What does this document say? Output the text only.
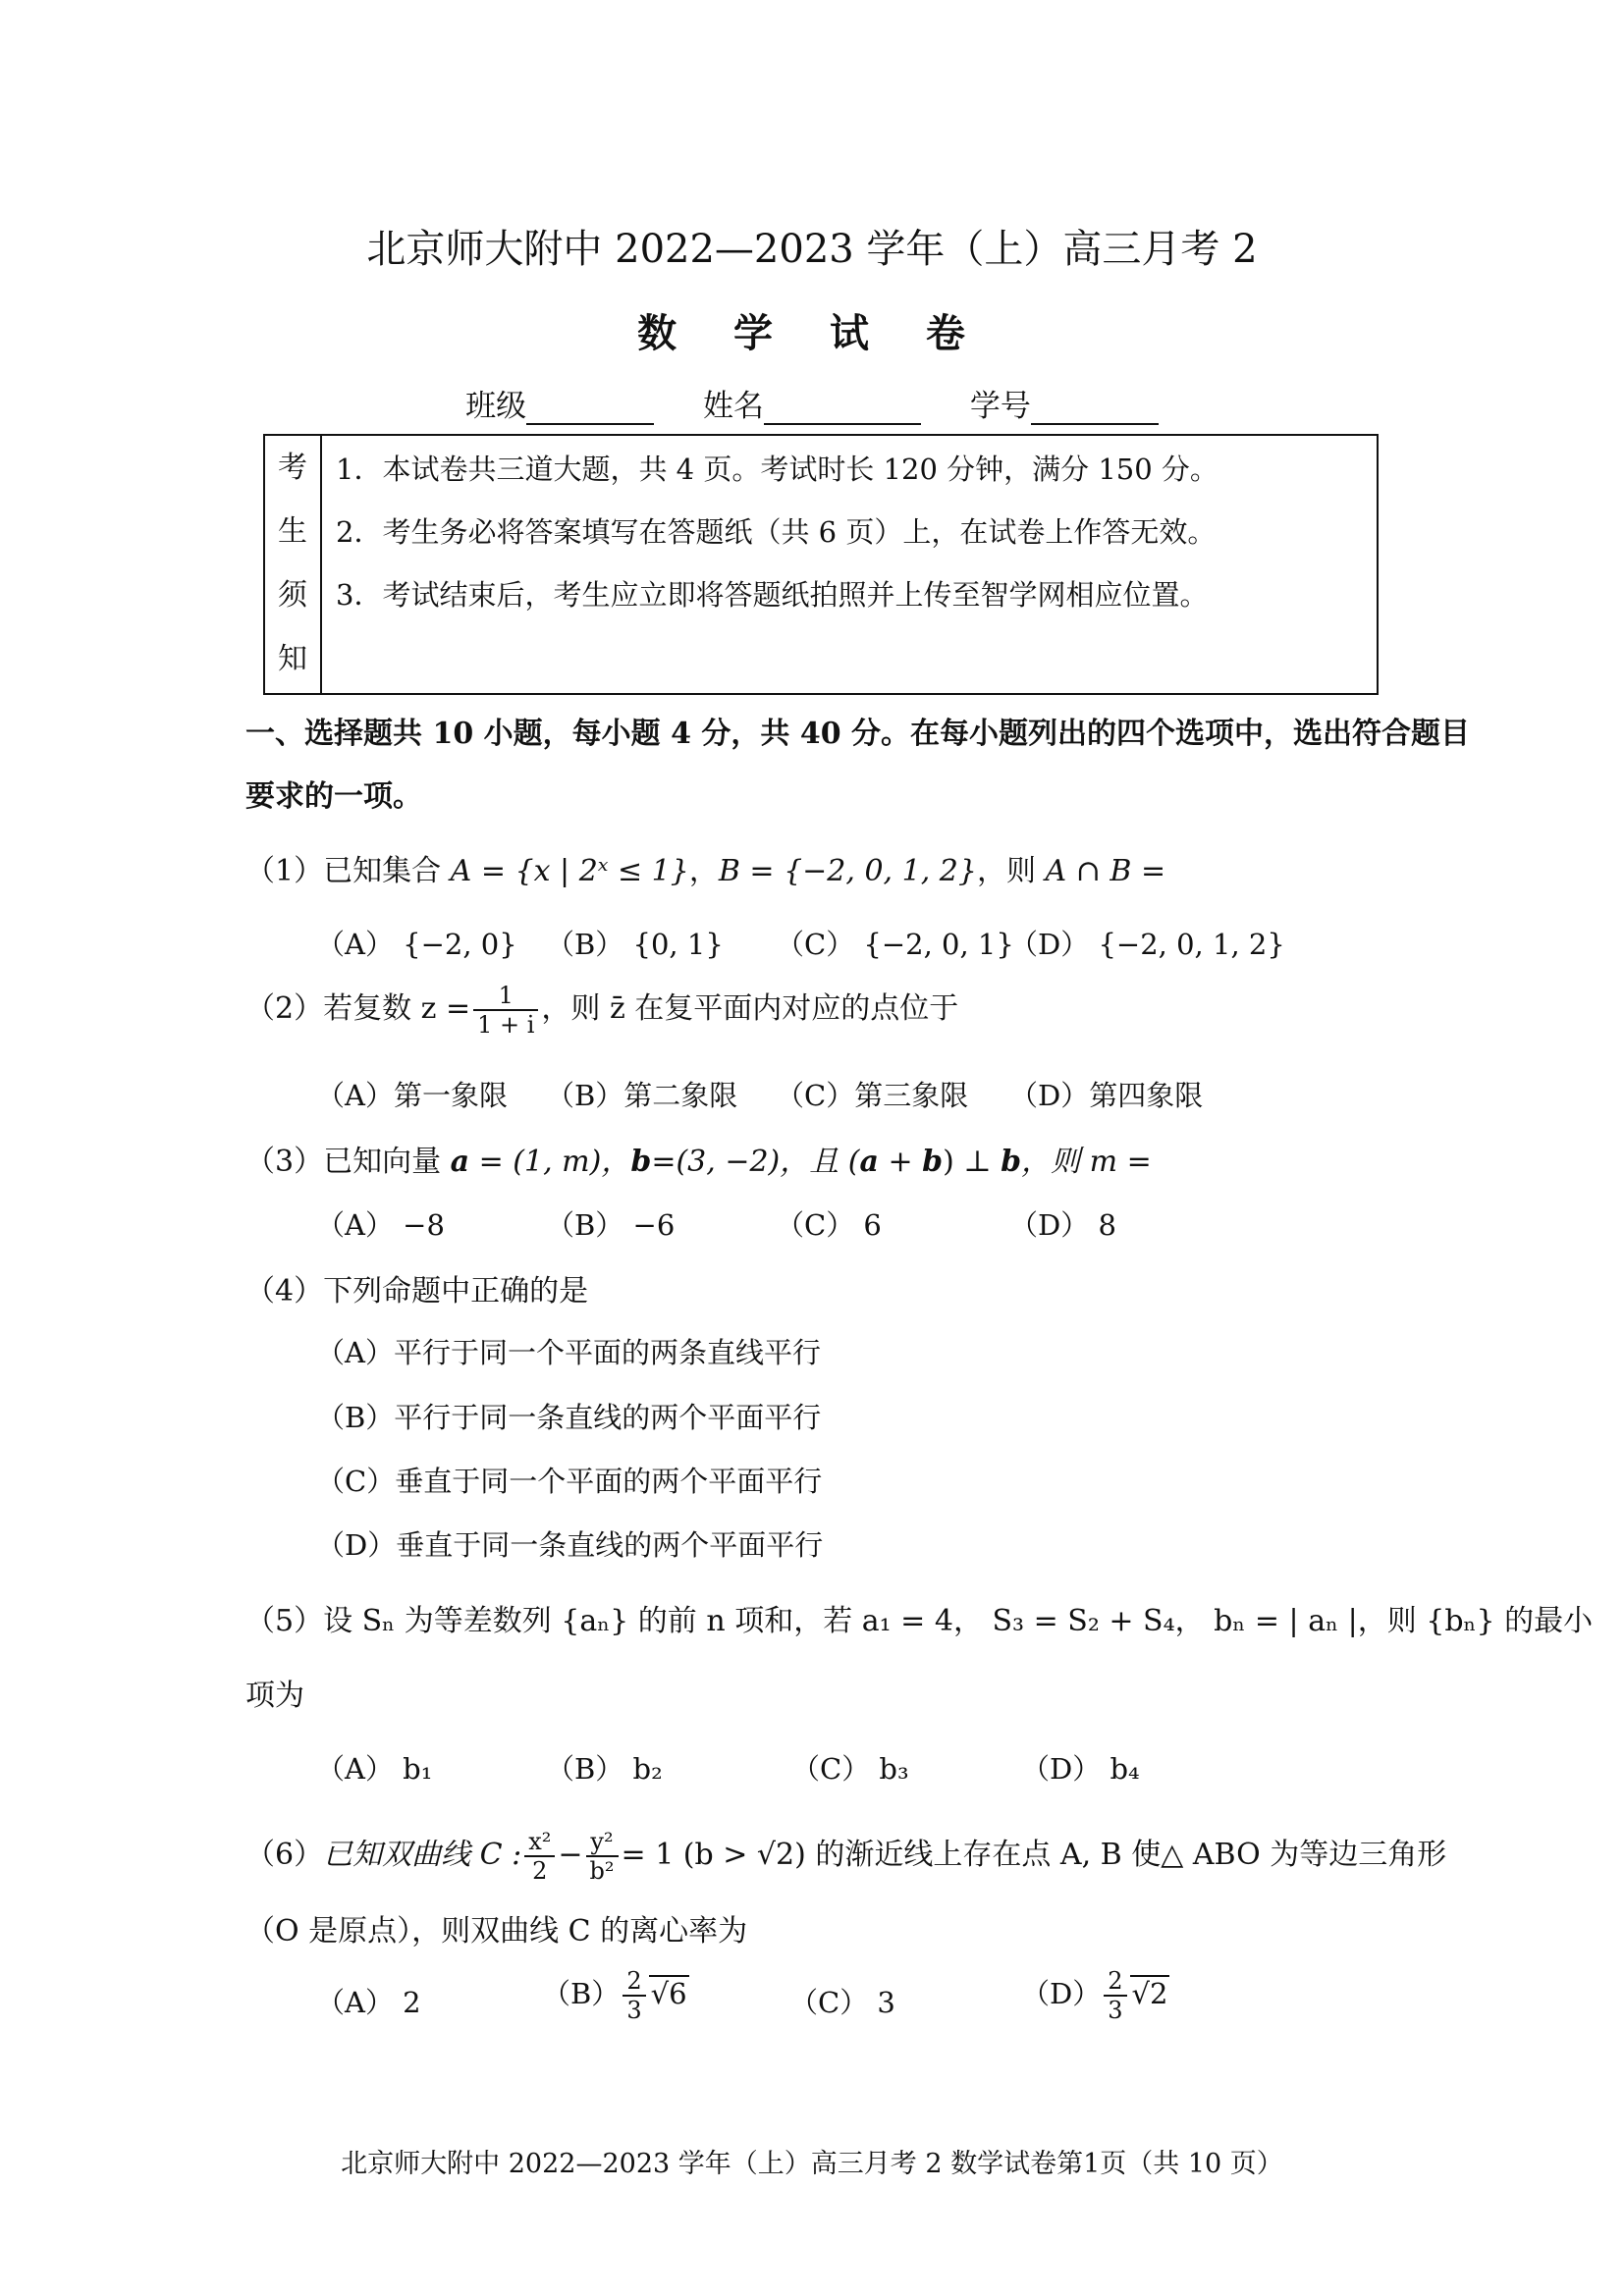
北京师大附中 2022—2023 学年（上）高三月考 2
数 学 试 卷
班级	姓名	学号
考
生
须
知
1．本试卷共三道大题，共 4 页。考试时长 120 分钟，满分 150 分。
2．考生务必将答案填写在答题纸（共 6 页）上，在试卷上作答无效。
3．考试结束后，考生应立即将答题纸拍照并上传至智学网相应位置。
一、选择题共 10 小题，每小题 4 分，共 40 分。在每小题列出的四个选项中，选出符合题目
要求的一项。
（1）已知集合 A = {x | 2ˣ ≤ 1}，B = {−2, 0, 1, 2}，则 A ∩ B =
（A） {−2, 0} （B） {0, 1} （C） {−2, 0, 1}
（D） {−2, 0, 1, 2}
（2）若复数 $z = \frac{1}{1 + i}$ ，则 z̄ 在复平面内对应的点位于
（A）第一象限 （B）第二象限 （C）第三象限 （D）第四象限
（3）已知向量 a = (1, m)，b=(3, −2)，且 (a + b) ⊥ b，则 m =
（A） −8	（B） −6	（C） 6	（D） 8
（4）下列命题中正确的是
（A）平行于同一个平面的两条直线平行
（B）平行于同一条直线的两个平面平行
（C）垂直于同一个平面的两个平面平行
（D）垂直于同一条直线的两个平面平行
（5）设 Sₙ 为等差数列 {aₙ} 的前 n 项和，若 a₁ = 4， S₃ = S₂ + S₄， bₙ = | aₙ |，则 {bₙ} 的最小
项为
（A） b₁	（B） b₂	（C） b₃	（D） b₄
（6）已知双曲线 C : $\frac{\text{x²}}{2} - \frac{\text{y²}}{\text{b²}} = 1$ (b > √2) 的渐近线上存在点 A, B 使△ ABO 为等边三角形
（O 是原点），则双曲线 C 的离心率为
（A） 2	$(B) \frac{2}{3} √6$	（C） 3	$(D) \frac{2}{3} √2$
北京师大附中 2022—2023 学年（上）高三月考 2 数学试卷第1页（共 10 页）
